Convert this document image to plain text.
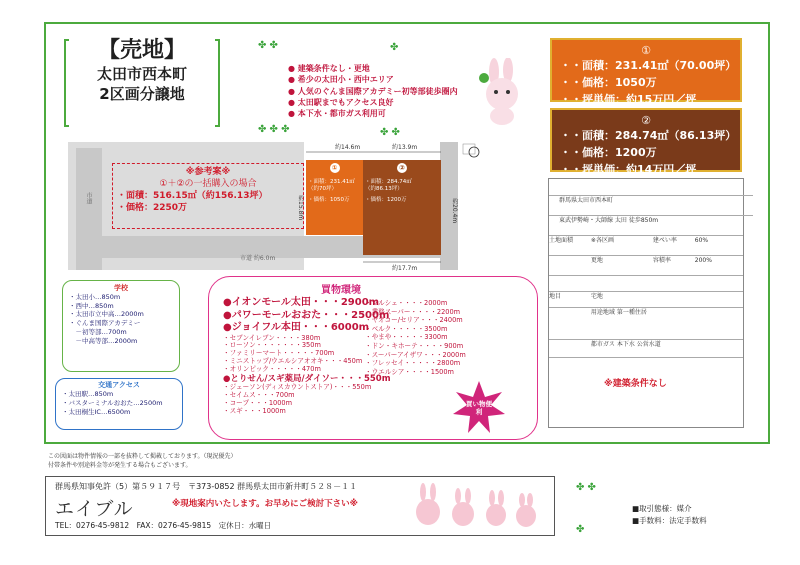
【売地】
太田市西本町
2区画分譲地
✤ ✤
✤ ✤ ✤	✤ ✤
✤
● 建築条件なし・更地
● 希少の太田小・西中エリア
● 人気のぐんま国際アカデミー初等部徒歩圏内
● 太田駅までもアクセス良好
● 本下水・都市ガス利用可
①
・ ・面積：231.41㎡（70.00坪）
・ ・価格：1050万
・ ・坪単価：約15万円／坪
②
・ ・面積：284.74㎡（86.13坪）
・ ・価格：1200万
・ ・坪単価：約14万円／坪
約14.6m	約13.9m
約17.7m
約15.8m	約20.4m
市道
市道 約6.0m
①
・面積：231.41㎡
（約70坪）
・価格：1050万
②
・面積：284.74㎡
（約86.13坪）
・価格：1200万
※参考案※
①＋②の一括購入の場合
・面積：516.15㎡（約156.13坪）
・価格：2250万
学校
・太田小…850m
・西中…850m
・太田市立中高…2000m
・ぐんま国際アカデミー
　－初等部…700m
　－中高等部…2000m
交通アクセス
・太田駅…850m
・バスターミナルおおた…2500m
・太田桐生IC…6500m
買物環境
●イオンモール太田・・・2900m
●パワーモールおおた・・・2500m
●ジョイフル本田・・・6000m
・セブンイレブン・・・・380m
・ローソン・・・・・・・350m
・ファミリーマート・・・・・700m
・ミニストップ/ウエルシアオオキ・・・450m
・オリンピック・・・・・470m
●とりせん/スギ薬局/ダイソー・・・550m
・ジェーソン(ディスカウントストア)・・・550m
・セイムス・・・700m
・コープ・・・1000m
・スギ・・・1000m
・マルシェ・・・・2000m
・業務スーパー・・・・2200m
・ヤオコー/セリア・・・2400m
・ベルク・・・・・3500m
・やまや・・・・・3300m
・ドン・キホーテ・・・・900m
・スーパーアイザワ・・・2000m
・フレッセイ・・・・・2800m
・ウエルシア・・・・1500m
買い物便利
群馬県太田市西本町
東武伊勢崎・大師線 太田 徒歩850m
土地面積	※各区画	建ぺい率	60%
更地	容積率	200%
地目	宅地
用途地域 第一種住居
都市ガス 本下水 公営水道
※建築条件なし
この図面は物件情報の一部を抜粋して掲載しております。（現況優先）
付帯条件や別途料金等が発生する場合もございます。
群馬県知事免許（5）第５９１７号　〒373-0852 群馬県太田市新井町５２８－１１
エイブル	※現地案内いたします。お早めにご検討下さい※
TEL：0276-45-9812　FAX：0276-45-9815　定休日：水曜日
✤ ✤
✤
■ 取引態様：媒介
■ 手数料：法定手数料
